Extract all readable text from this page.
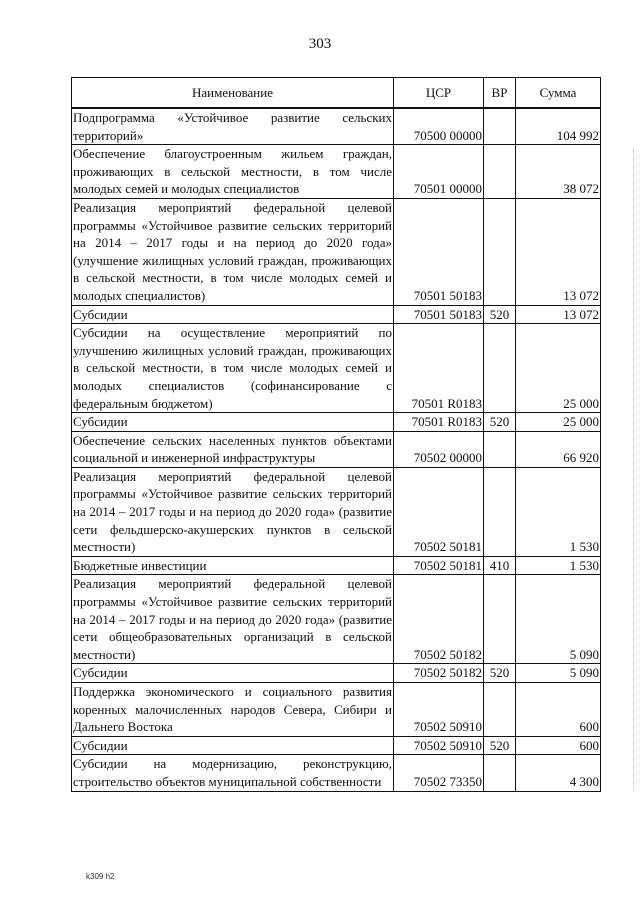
303
Наименование	ЦСР	ВР	Сумма
Подпрограмма «Устойчивое развитие сельских территорий»	70500 00000		104 992
Обеспечение благоустроенным жильем граждан, проживающих в сельской местности, в том числе молодых семей и молодых специалистов	70501 00000		38 072
Реализация мероприятий федеральной целевой программы «Устойчивое развитие сельских территорий на 2014 – 2017 годы и на период до 2020 года» (улучшение жилищных условий граждан, проживающих в сельской местности, в том числе молодых семей и молодых специалистов)	70501 50183		13 072
Субсидии	70501 50183	520	13 072
Субсидии на осуществление мероприятий по улучшению жилищных условий граждан, проживающих в сельской местности, в том числе молодых семей и молодых специалистов (софинансирование с федеральным бюджетом)	70501 R0183		25 000
Субсидии	70501 R0183	520	25 000
Обеспечение сельских населенных пунктов объектами социальной и инженерной инфраструктуры	70502 00000		66 920
Реализация мероприятий федеральной целевой программы «Устойчивое развитие сельских территорий на 2014 – 2017 годы и на период до 2020 года» (развитие сети фельдшерско-акушерских пунктов в сельской местности)	70502 50181		1 530
Бюджетные инвестиции	70502 50181	410	1 530
Реализация мероприятий федеральной целевой программы «Устойчивое развитие сельских территорий на 2014 – 2017 годы и на период до 2020 года» (развитие сети общеобразовательных организаций в сельской местности)	70502 50182		5 090
Субсидии	70502 50182	520	5 090
Поддержка экономического и социального развития коренных малочисленных народов Севера, Сибири и Дальнего Востока	70502 50910		600
Субсидии	70502 50910	520	600
Субсидии на модернизацию, реконструкцию, строительство объектов муниципальной собственности	70502 73350		4 300
k309 h2
